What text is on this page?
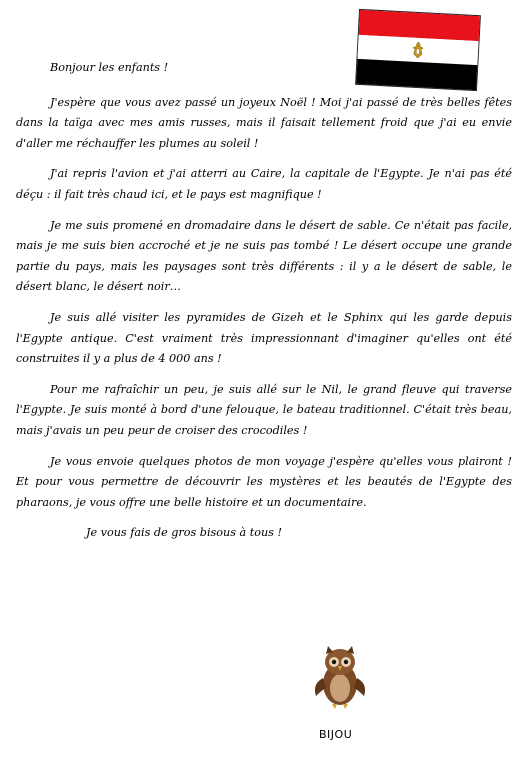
Bonjour les enfants !

J'espère que vous avez passé un joyeux Noël ! Moi j'ai passé de très belles fêtes dans la taïga avec mes amis russes, mais il faisait tellement froid que j'ai eu envie d'aller me réchauffer les plumes au soleil !

J'ai repris l'avion et j'ai atterri au Caire, la capitale de l'Egypte. Je n'ai pas été déçu : il fait très chaud ici, et le pays est magnifique !

Je me suis promené en dromadaire dans le désert de sable. Ce n'était pas facile, mais je me suis bien accroché et je ne suis pas tombé ! Le désert occupe une grande partie du pays, mais les paysages sont très différents : il y a le désert de sable, le désert blanc, le désert noir…

Je suis allé visiter les pyramides de Gizeh et le Sphinx qui les garde depuis l'Egypte antique. C'est vraiment très impressionnant d'imaginer qu'elles ont été construites il y a plus de 4 000 ans !

Pour me rafraîchir un peu, je suis allé sur le Nil, le grand fleuve qui traverse l'Egypte. Je suis monté à bord d'une felouque, le bateau traditionnel. C'était très beau, mais j'avais un peu peur de croiser des crocodiles !

Je vous envoie quelques photos de mon voyage j'espère qu'elles vous plairont ! Et pour vous permettre de découvrir les mystères et les beautés de l'Egypte des pharaons, je vous offre une belle histoire et un documentaire.

Je vous fais de gros bisous à tous !

BIJOU
